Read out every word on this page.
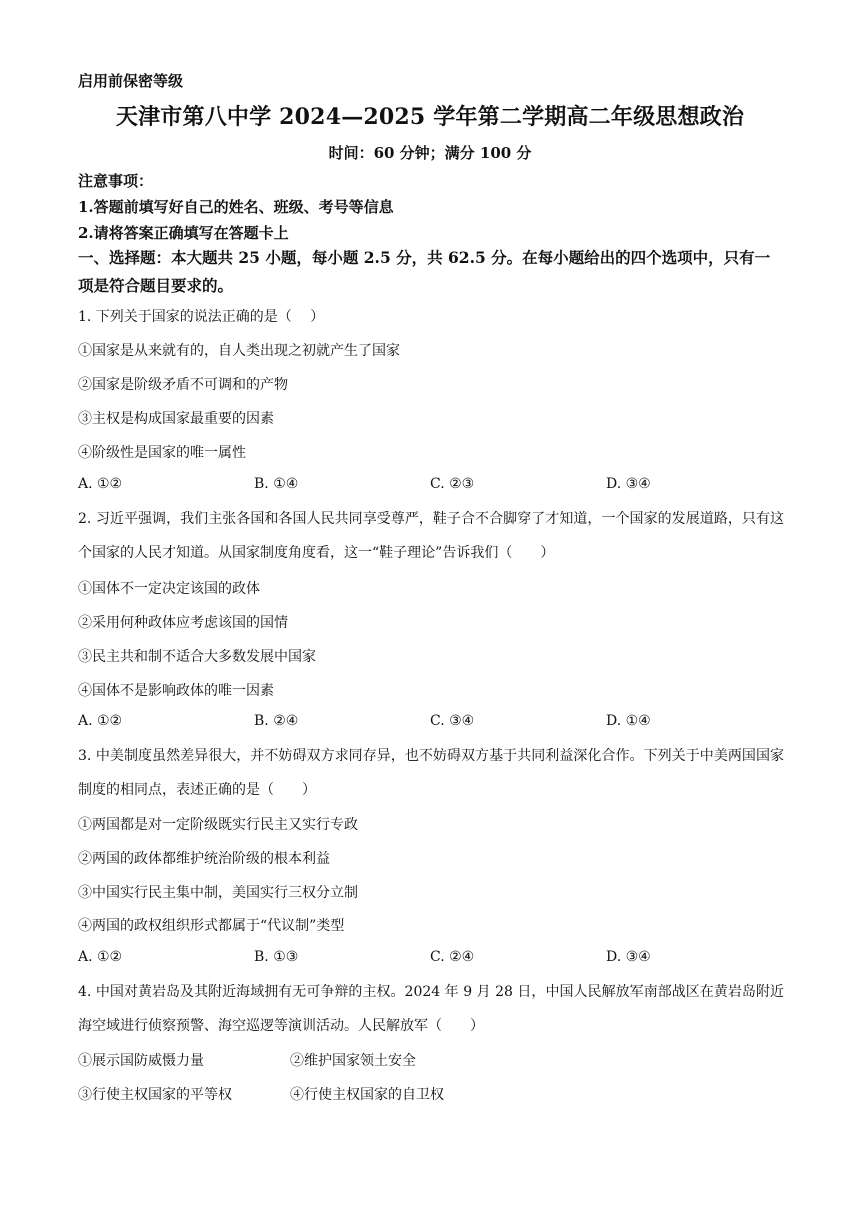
启用前保密等级
天津市第八中学 2024—2025 学年第二学期高二年级思想政治
时间：60 分钟；满分 100 分
注意事项：
1.答题前填写好自己的姓名、班级、考号等信息
2.请将答案正确填写在答题卡上
一、选择题：本大题共 25 小题，每小题 2.5 分，共 62.5 分。在每小题给出的四个选项中，只有一项是符合题目要求的。
1. 下列关于国家的说法正确的是（　 ）
①国家是从来就有的，自人类出现之初就产生了国家
②国家是阶级矛盾不可调和的产物
③主权是构成国家最重要的因素
④阶级性是国家的唯一属性
A. ①②	B. ①④	C. ②③	D. ③④
2. 习近平强调，我们主张各国和各国人民共同享受尊严，鞋子合不合脚穿了才知道，一个国家的发展道路，只有这个国家的人民才知道。从国家制度角度看，这一“鞋子理论”告诉我们（　　）
①国体不一定决定该国的政体
②采用何种政体应考虑该国的国情
③民主共和制不适合大多数发展中国家
④国体不是影响政体的唯一因素
A. ①②	B. ②④	C. ③④	D. ①④
3. 中美制度虽然差异很大，并不妨碍双方求同存异，也不妨碍双方基于共同利益深化合作。下列关于中美两国国家制度的相同点，表述正确的是（　　）
①两国都是对一定阶级既实行民主又实行专政
②两国的政体都维护统治阶级的根本利益
③中国实行民主集中制，美国实行三权分立制
④两国的政权组织形式都属于“代议制”类型
A. ①②	B. ①③	C. ②④	D. ③④
4. 中国对黄岩岛及其附近海域拥有无可争辩的主权。2024 年 9 月 28 日，中国人民解放军南部战区在黄岩岛附近海空域进行侦察预警、海空巡逻等演训活动。人民解放军（　　）
①展示国防威慑力量	②维护国家领土安全
③行使主权国家的平等权	④行使主权国家的自卫权
